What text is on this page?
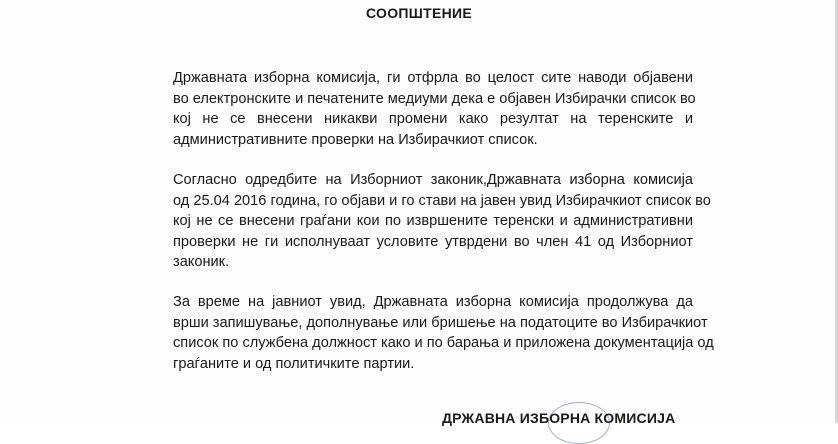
СООПШТЕНИЕ
Државната изборна комисија, ги отфрла во целост сите наводи објавени
во електронските и печатените медиуми дека е објавен Избирачки список во
кој не се внесени никакви промени како резултат на теренските и
административните проверки на Избирачкиот список.
Согласно одредбите на Изборниот законик,Државната изборна комисија
од 25.04 2016 година, го објави и го стави на јавен увид Избирачкиот список во
кој не се внесени граѓани кои по извршените теренски и административни
проверки не ги исполнуваат условите утврдени во член 41 од Изборниот
законик.
За време на јавниот увид, Државната изборна комисија продолжува да
врши запишување, дополнување или бришење на податоците во Избирачкиот
список по службена должност како и по барања и приложена документација од
граѓаните и од политичките партии.
ДРЖАВНА ИЗБОРНА КОМИСИЈА
